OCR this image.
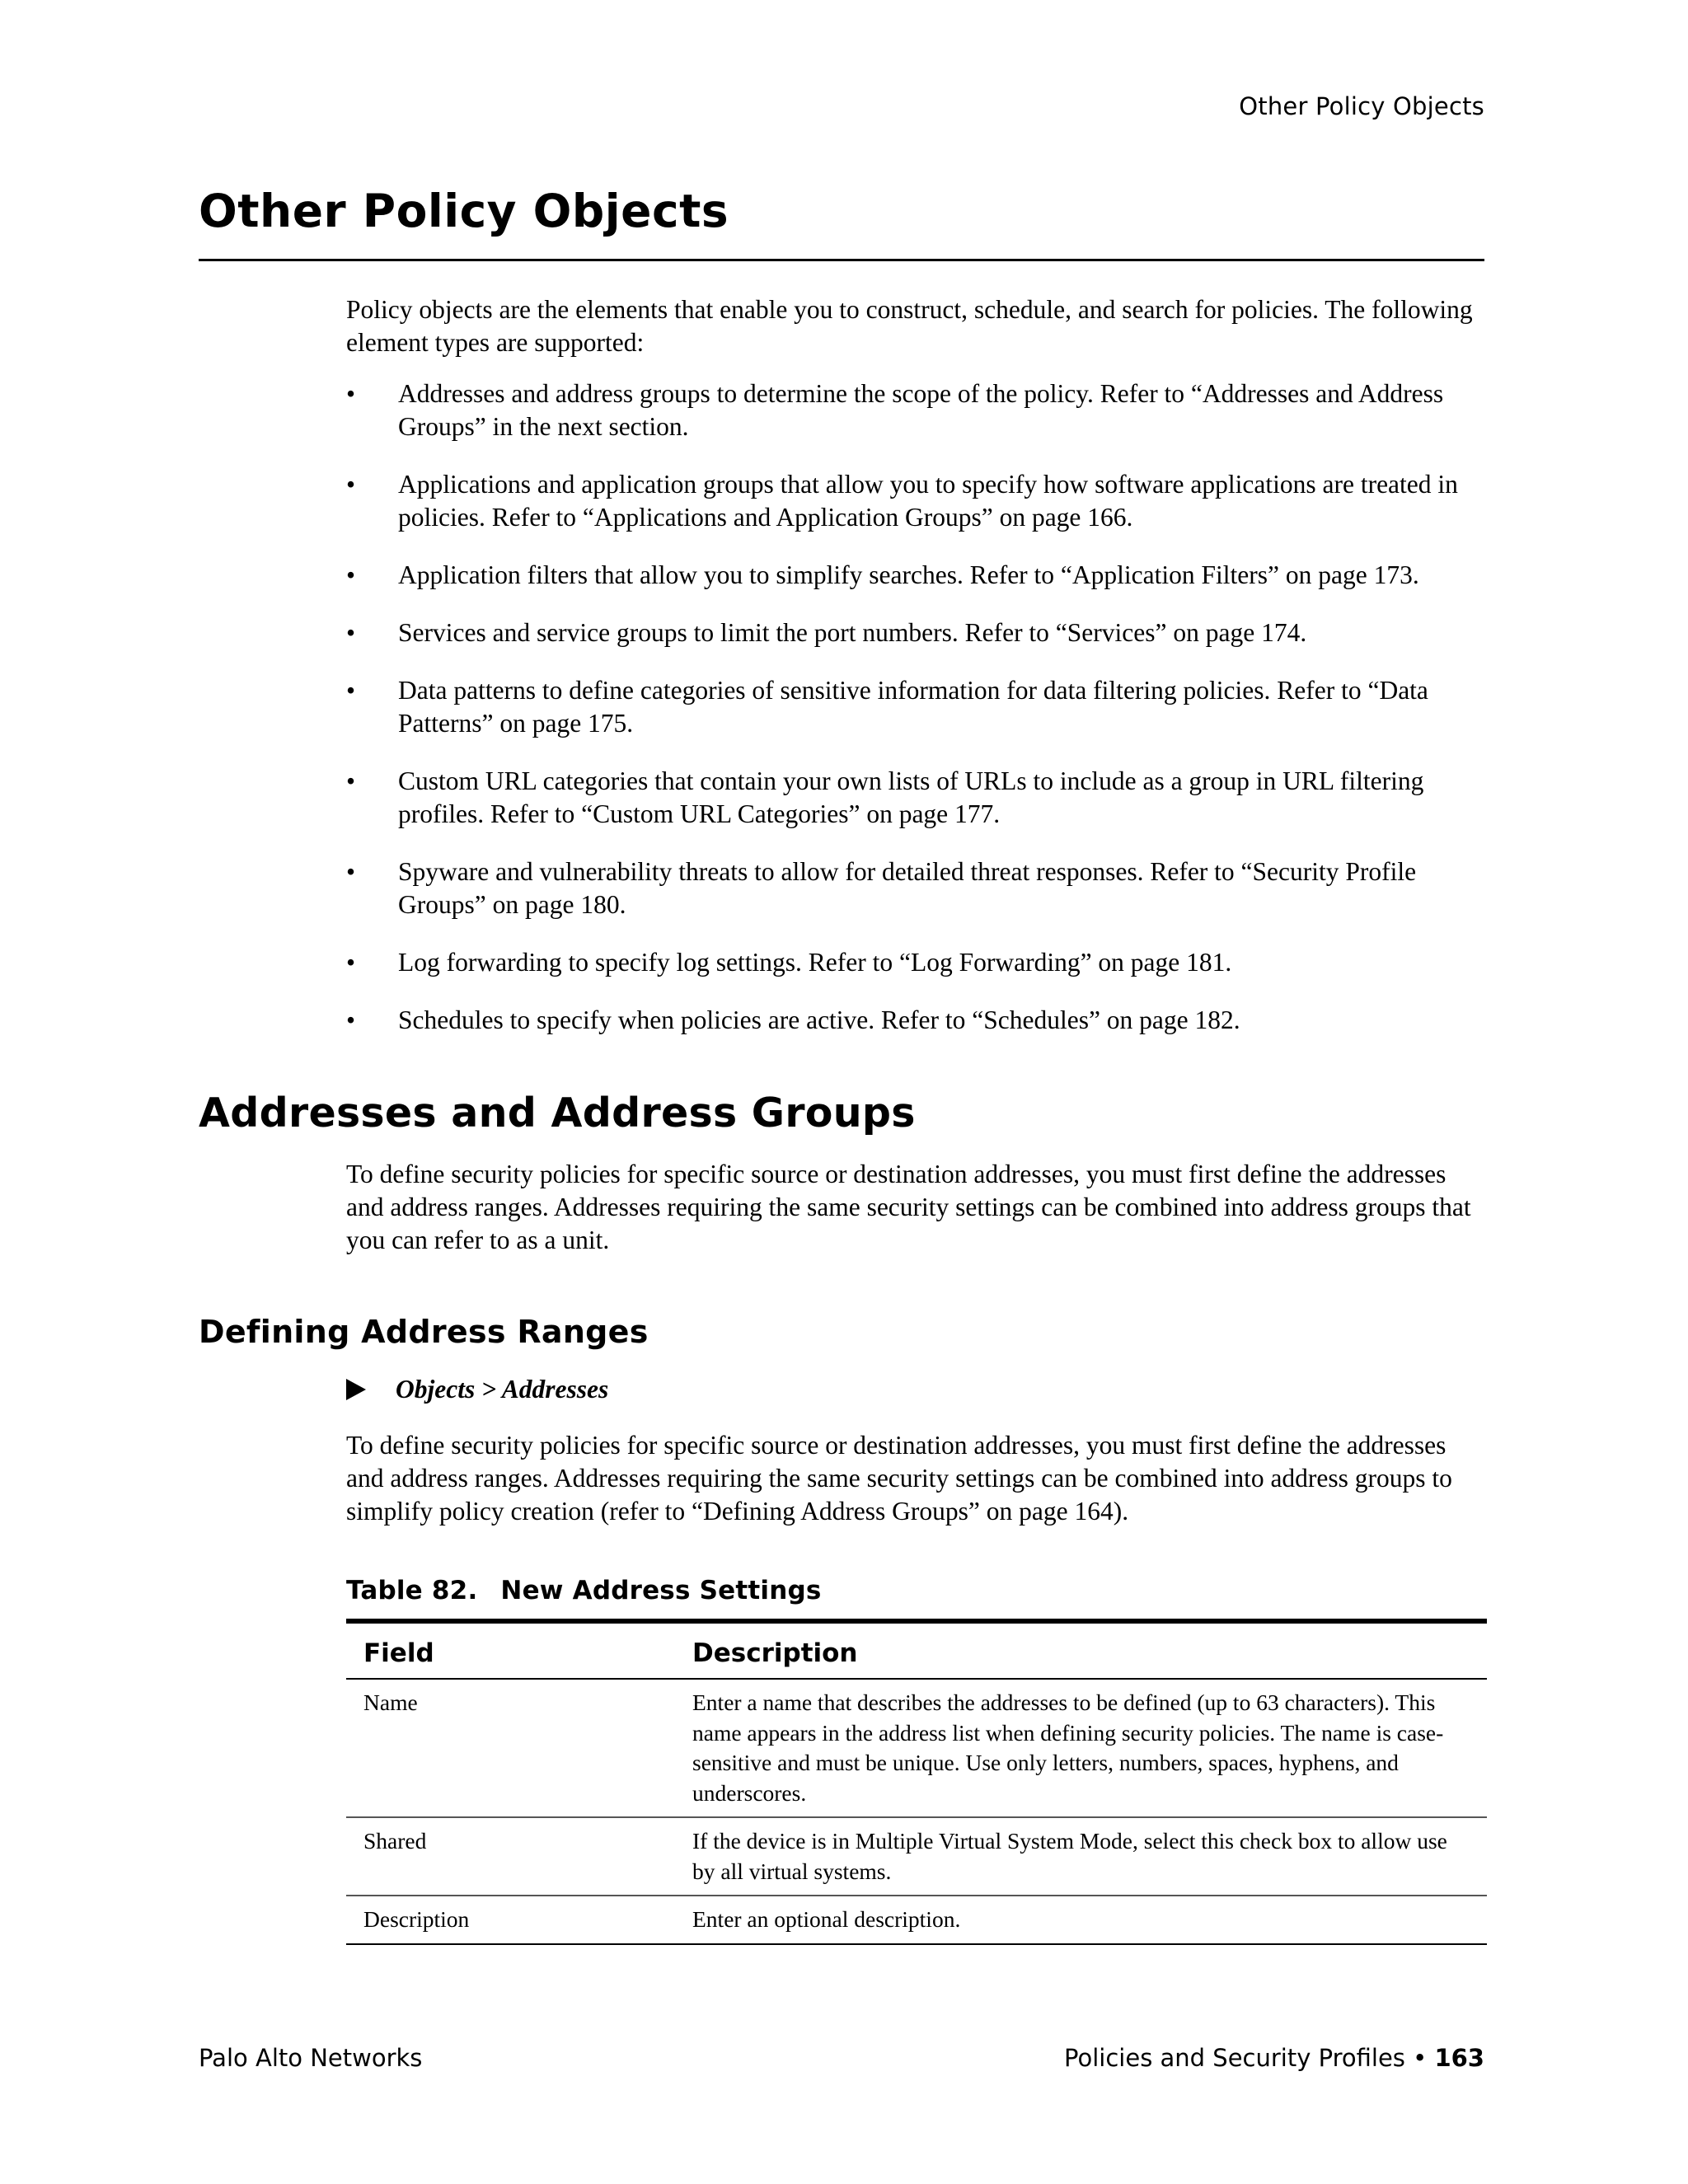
Other Policy Objects
Other Policy Objects

Policy objects are the elements that enable you to construct, schedule, and search for policies. The following element types are supported:

• Addresses and address groups to determine the scope of the policy. Refer to “Addresses and Address Groups” in the next section.
• Applications and application groups that allow you to specify how software applications are treated in policies. Refer to “Applications and Application Groups” on page 166.
• Application filters that allow you to simplify searches. Refer to “Application Filters” on page 173.
• Services and service groups to limit the port numbers. Refer to “Services” on page 174.
• Data patterns to define categories of sensitive information for data filtering policies. Refer to “Data Patterns” on page 175.
• Custom URL categories that contain your own lists of URLs to include as a group in URL filtering profiles. Refer to “Custom URL Categories” on page 177.
• Spyware and vulnerability threats to allow for detailed threat responses. Refer to “Security Profile Groups” on page 180.
• Log forwarding to specify log settings. Refer to “Log Forwarding” on page 181.
• Schedules to specify when policies are active. Refer to “Schedules” on page 182.
Addresses and Address Groups

To define security policies for specific source or destination addresses, you must first define the addresses and address ranges. Addresses requiring the same security settings can be combined into address groups that you can refer to as a unit.

Defining Address Ranges
Objects > Addresses

To define security policies for specific source or destination addresses, you must first define the addresses and address ranges. Addresses requiring the same security settings can be combined into address groups to simplify policy creation (refer to “Defining Address Groups” on page 164).

Table 82. New Address Settings
Field	Description
Name	Enter a name that describes the addresses to be defined (up to 63 characters). This name appears in the address list when defining security policies. The name is case-sensitive and must be unique. Use only letters, numbers, spaces, hyphens, and underscores.
Shared	If the device is in Multiple Virtual System Mode, select this check box to allow use by all virtual systems.
Description	Enter an optional description.
Palo Alto Networks	Policies and Security Profiles • 163
